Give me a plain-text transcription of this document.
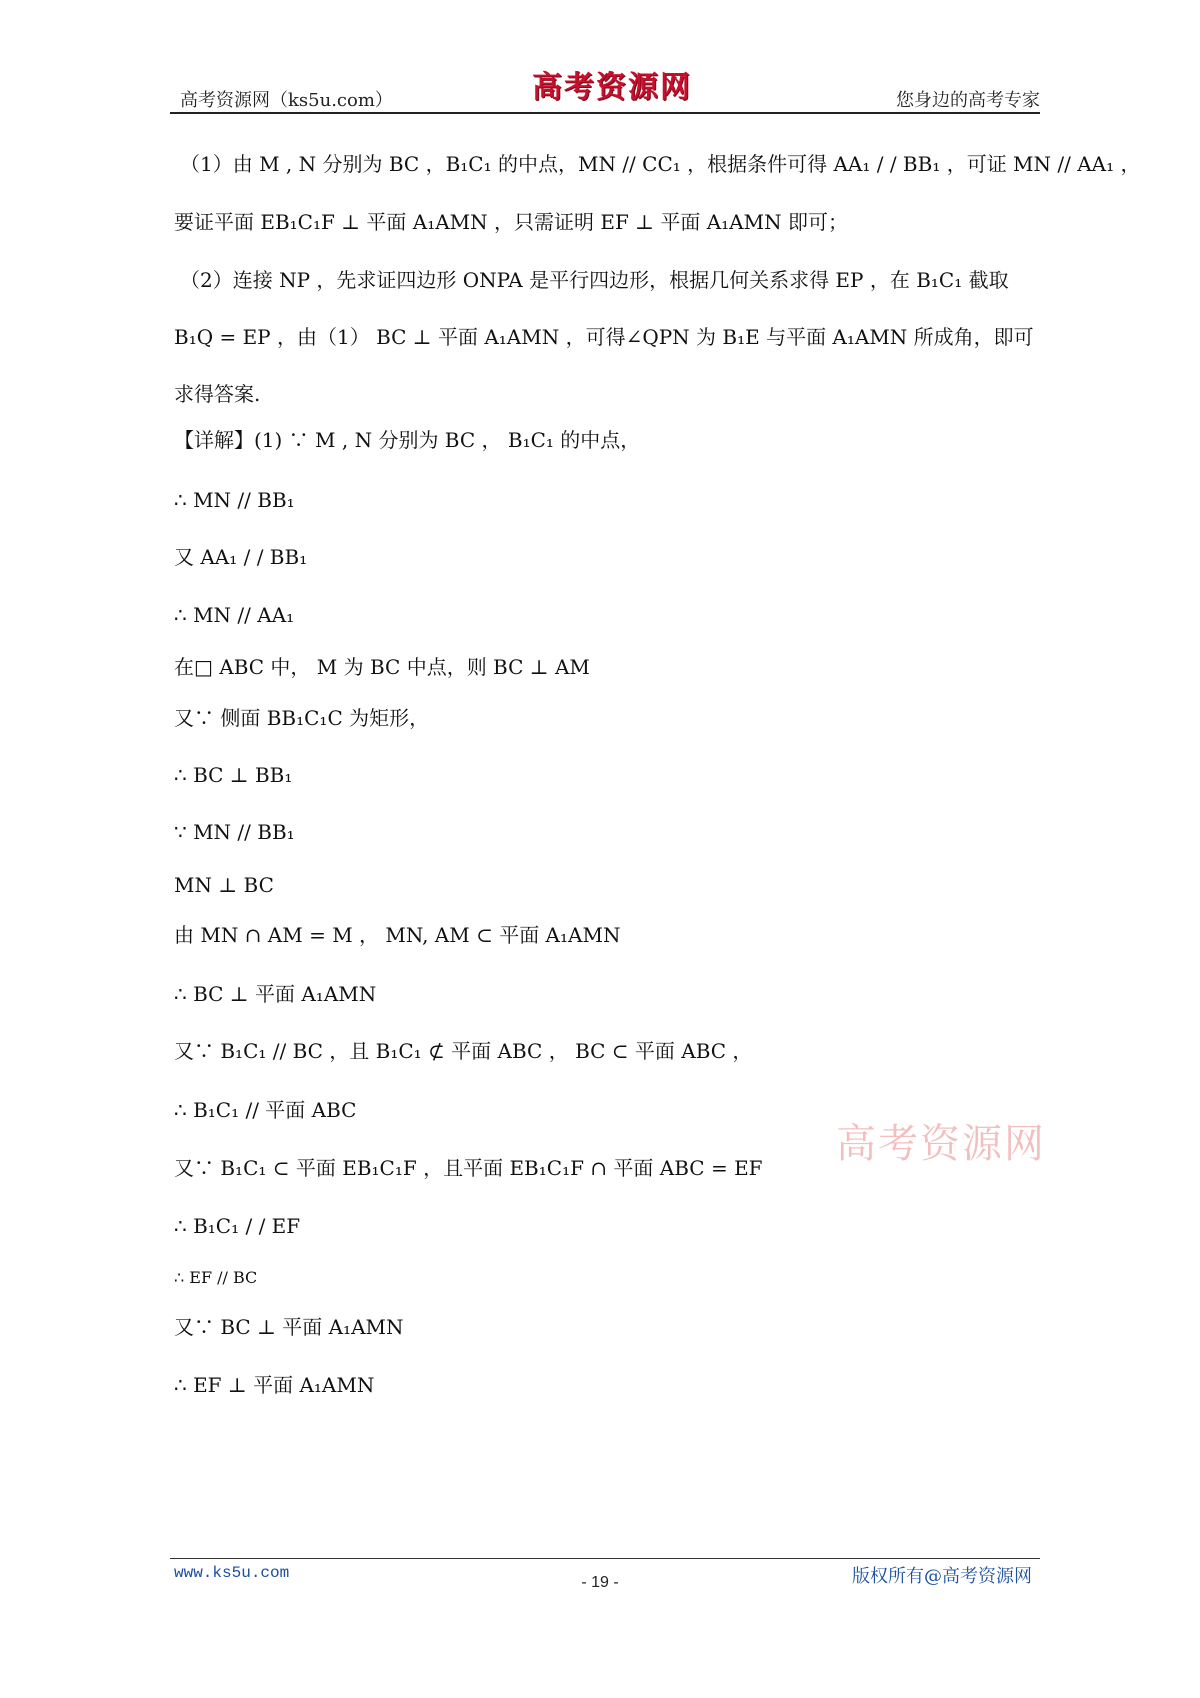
高考资源网（ks5u.com）	高考资源网	您身边的高考专家
（1）由 M , N 分别为 BC ，B₁C₁ 的中点，MN // CC₁ ，根据条件可得 AA₁ / / BB₁ ，可证 MN // AA₁ ，
要证平面 EB₁C₁F ⊥ 平面 A₁AMN ，只需证明 EF ⊥ 平面 A₁AMN 即可；
（2）连接 NP ，先求证四边形 ONPA 是平行四边形，根据几何关系求得 EP ，在 B₁C₁ 截取
B₁Q = EP ，由（1） BC ⊥ 平面 A₁AMN ，可得∠QPN 为 B₁E 与平面 A₁AMN 所成角，即可
求得答案.
【详解】(1) ∵ M , N 分别为 BC ， B₁C₁ 的中点，
∴ MN // BB₁
又 AA₁ / / BB₁
∴ MN // AA₁
在□ ABC 中， M 为 BC 中点，则 BC ⊥ AM
又∵ 侧面 BB₁C₁C 为矩形，
∴ BC ⊥ BB₁
∵ MN // BB₁
MN ⊥ BC
由 MN ∩ AM = M ， MN, AM ⊂ 平面 A₁AMN
∴ BC ⊥ 平面 A₁AMN
又∵ B₁C₁ // BC ，且 B₁C₁ ⊄ 平面 ABC ， BC ⊂ 平面 ABC ，
∴ B₁C₁ // 平面 ABC
又∵ B₁C₁ ⊂ 平面 EB₁C₁F ，且平面 EB₁C₁F ∩ 平面 ABC = EF
∴ B₁C₁ / / EF
∴ EF // BC
又∵ BC ⊥ 平面 A₁AMN
∴ EF ⊥ 平面 A₁AMN
高考资源网
www.ks5u.com
- 19 -	版权所有@高考资源网
